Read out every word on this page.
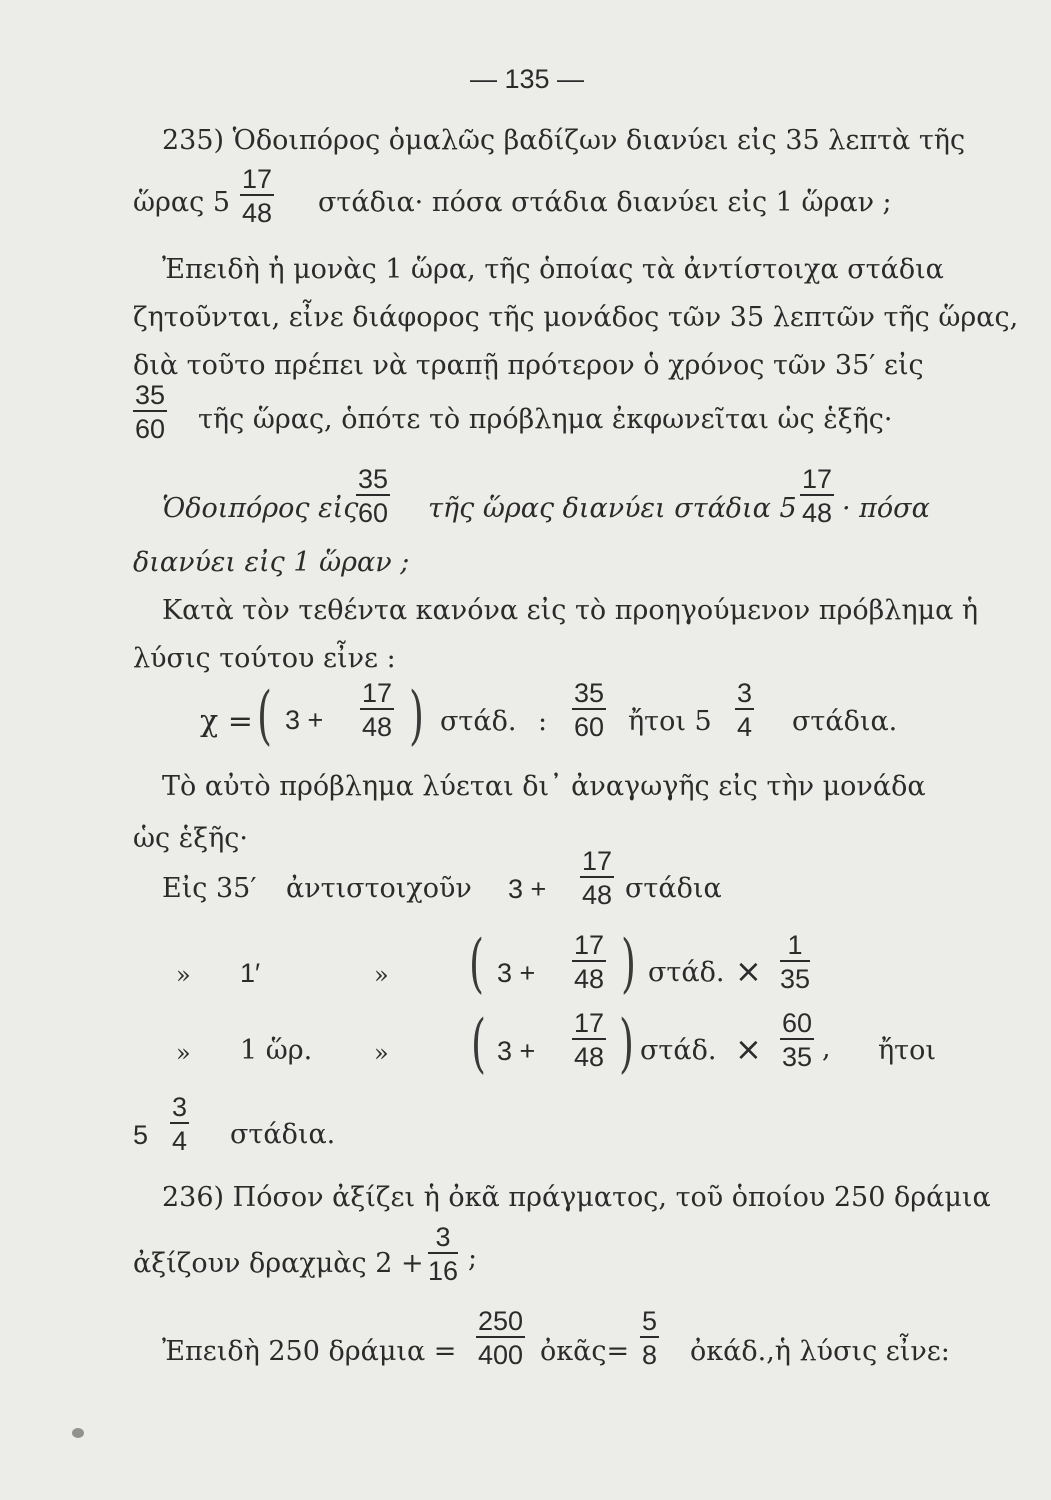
— 135 —
235) Ὁδοιπόρος ὁμαλῶς βαδίζων διανύει εἰς 35 λεπτὰ τῆς
ὥρας $5 \frac{17}{48} \sigma\tau ά\delta\iota\alpha\cdot \pi ό\sigma\alpha$ στάδια διανύει εἰς 1 ὥραν ;
Ἐπειδὴ ἡ μονὰς 1 ὥρα, τῆς ὁποίας τὰ ἀντίστοιχα στάδια
ζητοῦνται, εἶνε διάφορος τῆς μονάδος τῶν 35 λεπτῶν τῆς ὥρας,
διὰ τοῦτο πρέπει νὰ τραπῇ πρότερον ὁ χρόνος τῶν 35′ εἰς
$\frac{35}{60}$ τῆς ὥρας, ὁπότε τὸ πρόβλημα ἐκφωνεῖται ὡς ἑξῆς·
Ὁδοιπόρος εἰς
$\frac{35}{60}$ τῆς ὥρας διανύει στάδια $5 \frac{17}{48} \cdot \pi ό\sigma\alpha$
διανύει εἰς 1 ὥραν ;
Κατὰ τὸν τεθέντα κανόνα εἰς τὸ προηγούμενον πρόβλημα ἡ
λύσις τούτου εἶνε :
χ = ( $3 + \frac{17}{48}$ ) στάδ. : $\frac{35}{60}$ ἤτοι $5 \frac{3}{4} \sigma\tau ά\delta\iota\alpha$.
Τὸ αὐτὸ πρόβλημα λύεται δι᾽ ἀναγωγῆς εἰς τὴν μονάδα
ὡς ἑξῆς·
Εἰς 35′ ἀντιστοιχοῦν $3 + \frac{17}{48}$ στάδια
» 1′	» ( $3 + \frac{17}{48}$ ) στάδ. × $\frac{1}{35}$
» 1 ὥρ.	» ( $3 + \frac{17}{48}$ ) στάδ. × $\frac{60}{35}$ , ἤτοι
$5 \frac{3}{4} \sigma\tau ά\delta\iota\alpha$.
236) Πόσον ἀξίζει ἡ ὀκᾶ πράγματος, τοῦ ὁποίου 250 δράμια
ἀξίζουν δραχμὰς $2 + \frac{3}{16}$ ;
Ἐπειδὴ 250 $\delta\rho ά\mu\iota\alpha = \frac{250}{400}$ ὀκᾶς= $\frac{5}{8}$ ὀκάδ.,ἡ λύσις εἶνε:
